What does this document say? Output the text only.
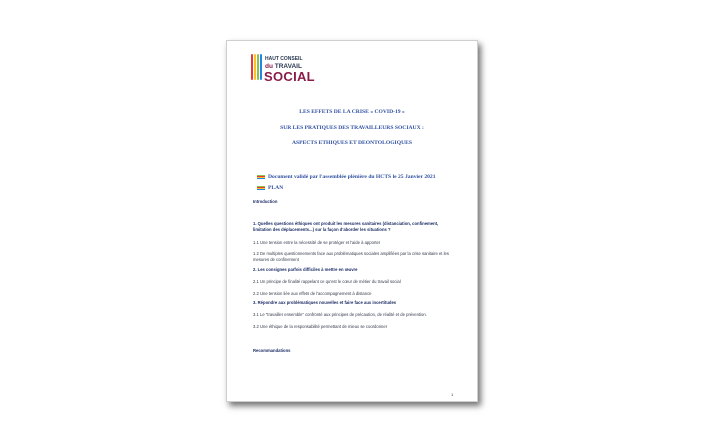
HAUT CONSEIL
du TRAVAIL
SOCIAL
LES EFFETS DE LA CRISE « COVID-19 »
SUR LES PRATIQUES DES TRAVAILLEURS SOCIAUX :
ASPECTS ETHIQUES ET DEONTOLOGIQUES
Document validé par l'assemblée plénière du HCTS le 25 Janvier 2021
PLAN
Introduction
1. Quelles questions éthiques ont produit les mesures sanitaires (distanciation, confinement, limitation des déplacements...) sur la façon d'aborder les situations ?
1.1 Une tension entre la nécessité de se protéger et l'aide à apporter
1.2 De multiples questionnements face aux problématiques sociales amplifiées par la crise sanitaire et les mesures de confinement
2. Les consignes parfois difficiles à mettre en œuvre
2.1 Un principe de finalité rappelant ce qu'est le cœur de métier du travail social
2.2 Une tension liée aux effets de l'accompagnement à distance
3. Répondre aux problématiques nouvelles et faire face aux incertitudes
3.1 Le "travailler ensemble" confronté aux principes de précaution, de réalité et de prévention.
3.2 Une éthique de la responsabilité permettant de mieux se coordonner
Recommandations
1
